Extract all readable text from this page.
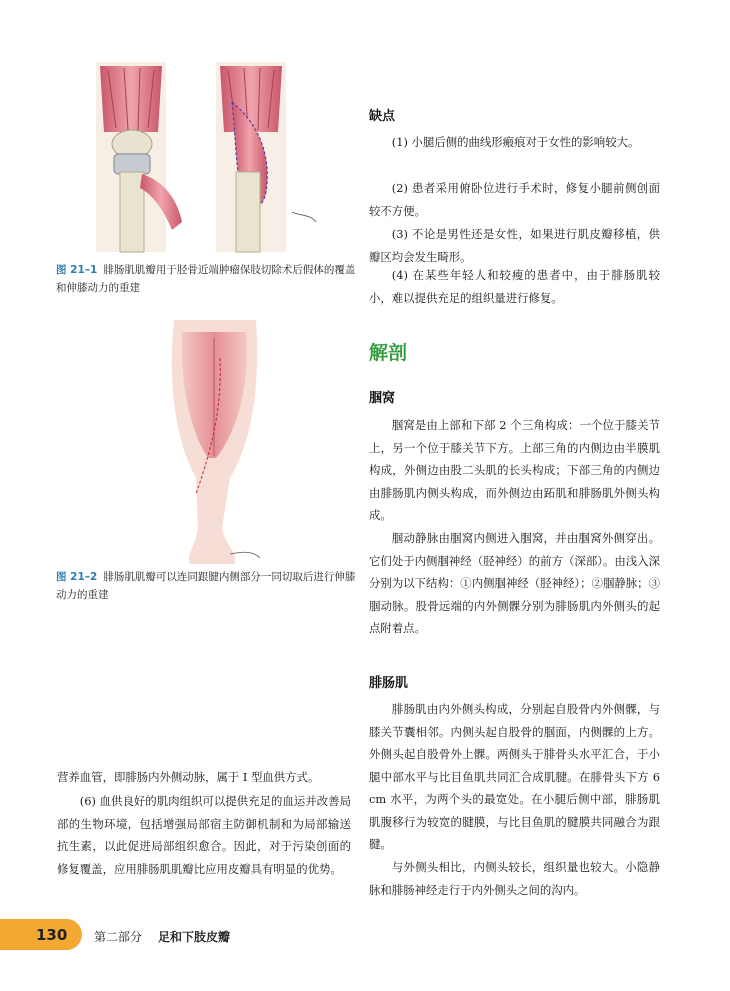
图 21–1 腓肠肌肌瓣用于胫骨近端肿瘤保肢切除术后假体的覆盖和伸膝动力的重建
图 21–2 腓肠肌肌瓣可以连同跟腱内侧部分一同切取后进行伸膝动力的重建

营养血管，即腓肠内外侧动脉，属于 I 型血供方式。

(6) 血供良好的肌肉组织可以提供充足的血运并改善局部的生物环境，包括增强局部宿主防御机制和为局部输送抗生素，以此促进局部组织愈合。因此，对于污染创面的修复覆盖，应用腓肠肌肌瓣比应用皮瓣具有明显的优势。

缺点

(1) 小腿后侧的曲线形瘢痕对于女性的影响较大。

(2) 患者采用俯卧位进行手术时，修复小腿前侧创面较不方便。

(3) 不论是男性还是女性，如果进行肌皮瓣移植，供瓣区均会发生畸形。

(4) 在某些年轻人和较瘦的患者中，由于腓肠肌较小，难以提供充足的组织量进行修复。

解剖
腘窝

腘窝是由上部和下部 2 个三角构成：一个位于膝关节上，另一个位于膝关节下方。上部三角的内侧边由半膜肌构成，外侧边由股二头肌的长头构成；下部三角的内侧边由腓肠肌内侧头构成，而外侧边由跖肌和腓肠肌外侧头构成。

腘动静脉由腘窝内侧进入腘窝，并由腘窝外侧穿出。它们处于内侧腘神经（胫神经）的前方（深部）。由浅入深分别为以下结构：①内侧腘神经（胫神经）；②腘静脉；③腘动脉。股骨远端的内外侧髁分别为腓肠肌内外侧头的起点附着点。

腓肠肌

腓肠肌由内外侧头构成，分别起自股骨内外侧髁，与膝关节囊相邻。内侧头起自股骨的腘面，内侧髁的上方。外侧头起自股骨外上髁。两侧头于腓骨头水平汇合，于小腿中部水平与比目鱼肌共同汇合成肌腱。在腓骨头下方 6 cm 水平，为两个头的最宽处。在小腿后侧中部，腓肠肌肌腹移行为较宽的腱膜，与比目鱼肌的腱膜共同融合为跟腱。

与外侧头相比，内侧头较长，组织量也较大。小隐静脉和腓肠神经走行于内外侧头之间的沟内。

130 第二部分 足和下肢皮瓣
